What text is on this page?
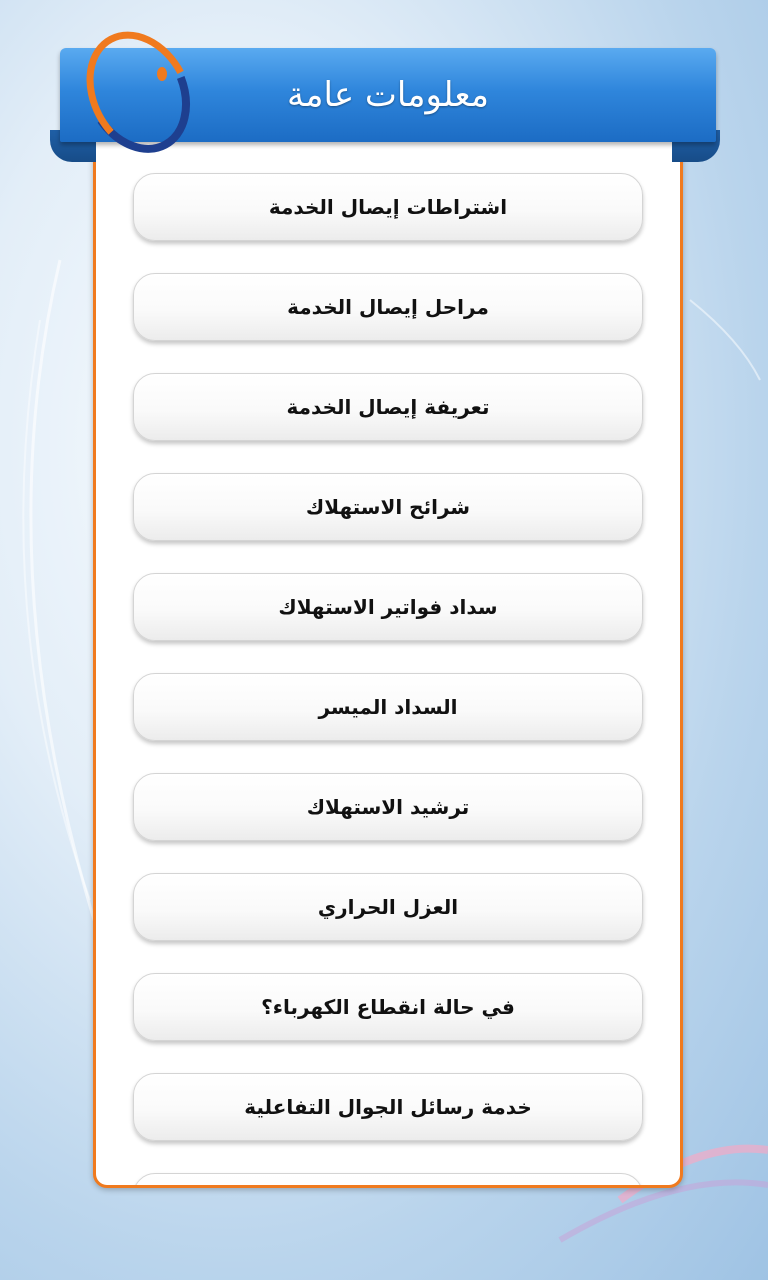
اشتراطات إيصال الخدمة
مراحل إيصال الخدمة
تعريفة إيصال الخدمة
شرائح الاستهلاك
سداد فواتير الاستهلاك
السداد الميسر
ترشيد الاستهلاك
العزل الحراري
في حالة انقطاع الكهرباء؟
خدمة رسائل الجوال التفاعلية
معلومات عامة
